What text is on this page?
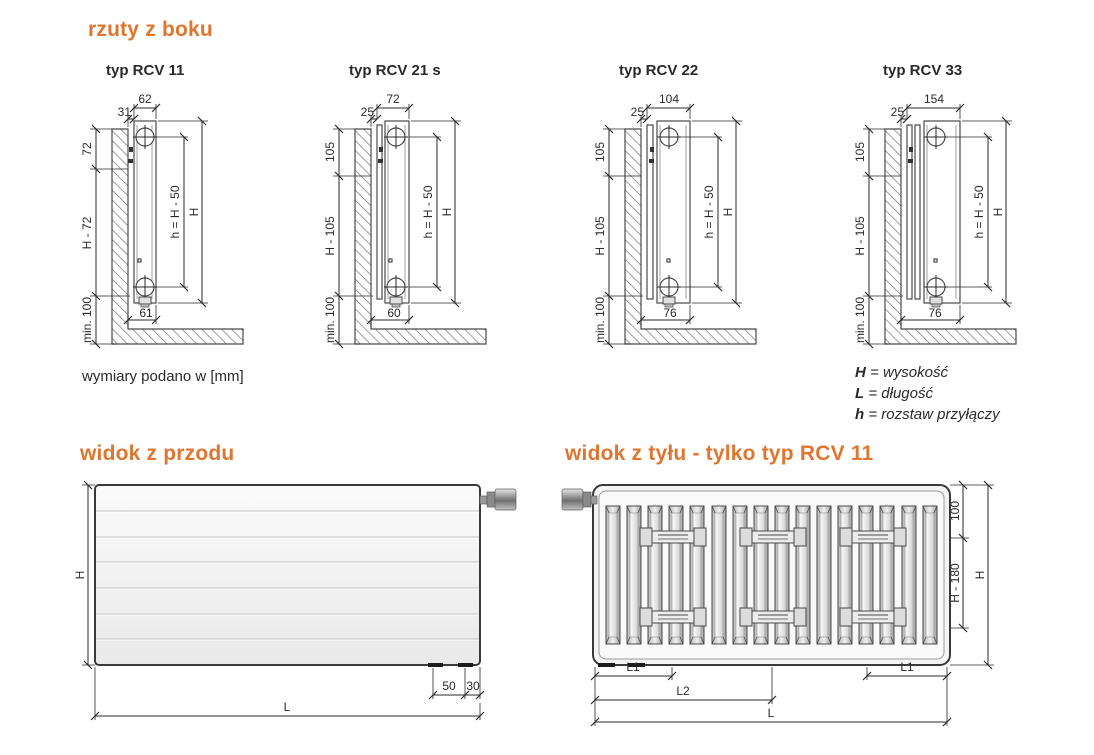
rzuty z boku
typ RCV 11
62
31
72
H - 72
min. 100
h = H - 50 H
61
typ RCV 21 s
72
25
105
H - 105
min. 100
h = H - 50 H
60
typ RCV 22
104
25
105
H - 105
min. 100
h = H - 50 H
76
typ RCV 33
154
25
105
H - 105
min. 100
h = H - 50 H
76
wymiary podano w [mm]	H = wysokość
L = długość
h = rozstaw przyłączy
widok z przodu
H
50 30
L
widok z tyłu - tylko typ RCV 11
100
H - 180 H
L1	L1
L2
L
